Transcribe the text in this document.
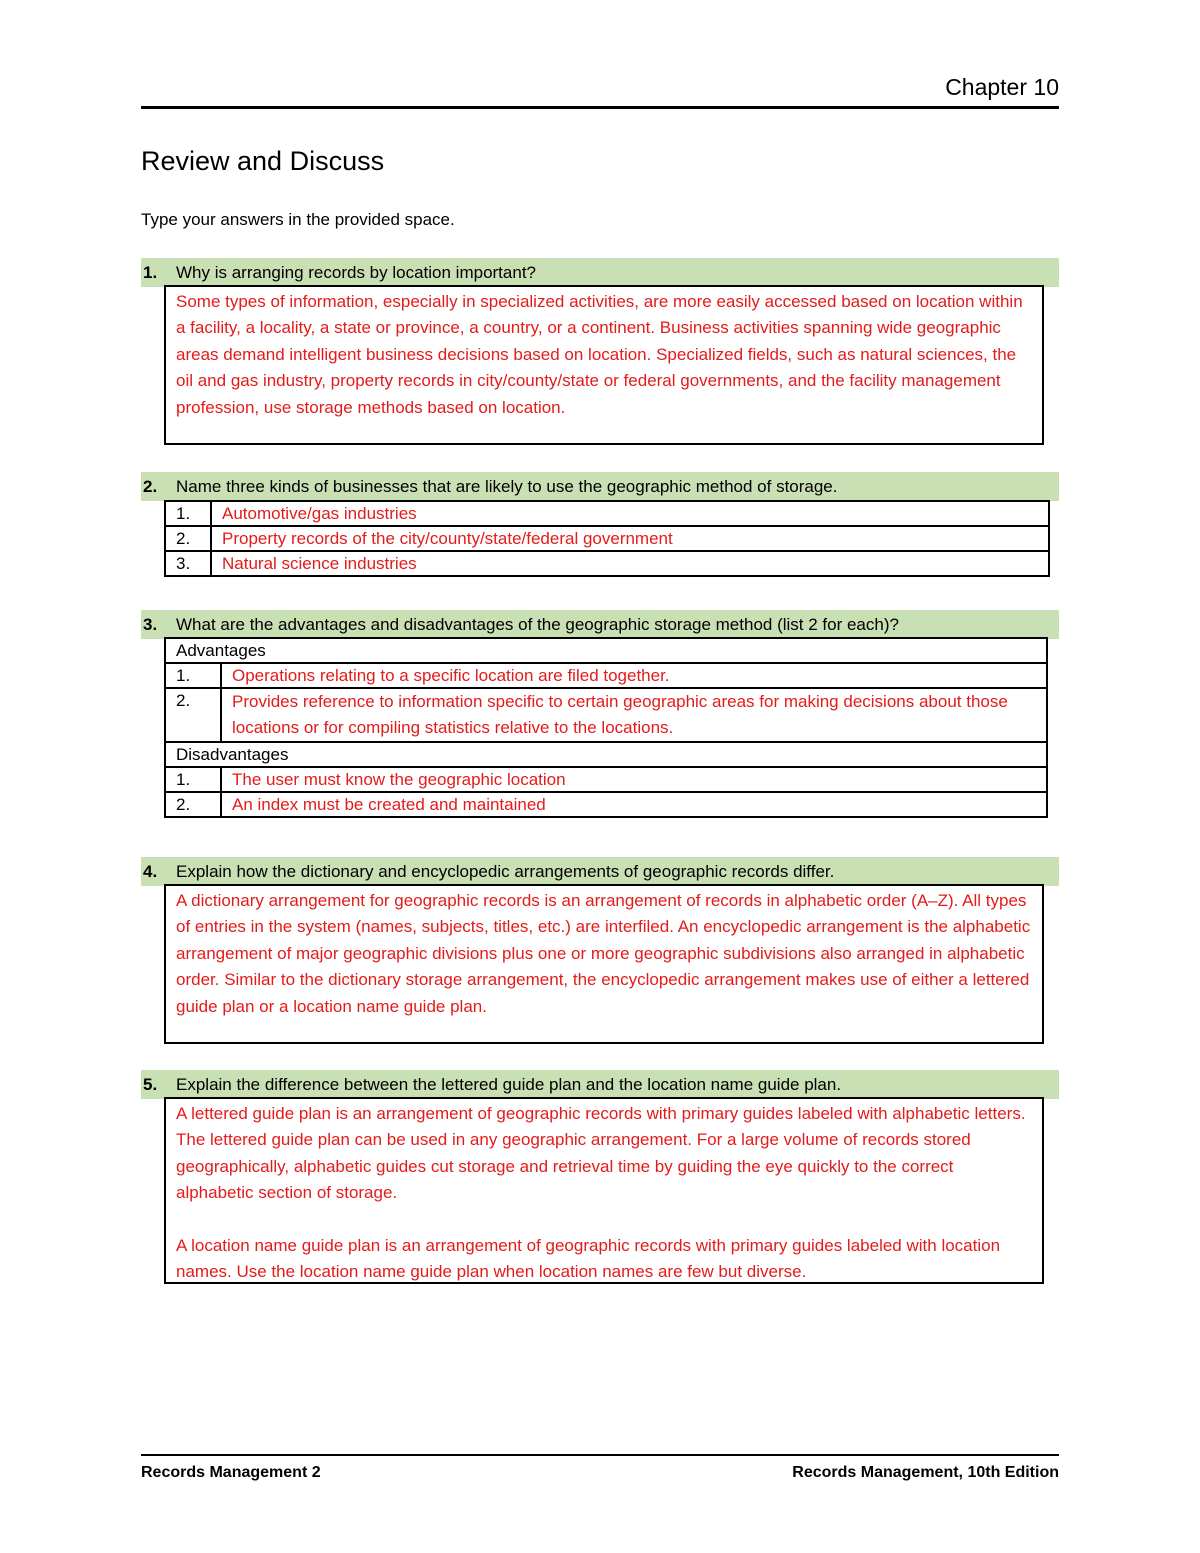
Chapter 10
Review and Discuss
Type your answers in the provided space.
1. Why is arranging records by location important?

Some types of information, especially in specialized activities, are more easily accessed based on location within a facility, a locality, a state or province, a country, or a continent. Business activities spanning wide geographic areas demand intelligent business decisions based on location. Specialized fields, such as natural sciences, the oil and gas industry, property records in city/county/state or federal governments, and the facility management profession, use storage methods based on location.

2. Name three kinds of businesses that are likely to use the geographic method of storage.
1.	Automotive/gas industries
2.	Property records of the city/county/state/federal government
3.	Natural science industries
3. What are the advantages and disadvantages of the geographic storage method (list 2 for each)?
Advantages	
1.	Operations relating to a specific location are filed together.
2.	Provides reference to information specific to certain geographic areas for making decisions about those locations or for compiling statistics relative to the locations.
Disadvantages	
1.	The user must know the geographic location
2.	An index must be created and maintained
4. Explain how the dictionary and encyclopedic arrangements of geographic records differ.

A dictionary arrangement for geographic records is an arrangement of records in alphabetic order (A–Z). All types of entries in the system (names, subjects, titles, etc.) are interfiled. An encyclopedic arrangement is the alphabetic arrangement of major geographic divisions plus one or more geographic subdivisions also arranged in alphabetic order. Similar to the dictionary storage arrangement, the encyclopedic arrangement makes use of either a lettered guide plan or a location name guide plan.

5. Explain the difference between the lettered guide plan and the location name guide plan.

A lettered guide plan is an arrangement of geographic records with primary guides labeled with alphabetic letters. The lettered guide plan can be used in any geographic arrangement. For a large volume of records stored geographically, alphabetic guides cut storage and retrieval time by guiding the eye quickly to the correct alphabetic section of storage.

A location name guide plan is an arrangement of geographic records with primary guides labeled with location names. Use the location name guide plan when location names are few but diverse.

Records Management 2	Records Management, 10th Edition
